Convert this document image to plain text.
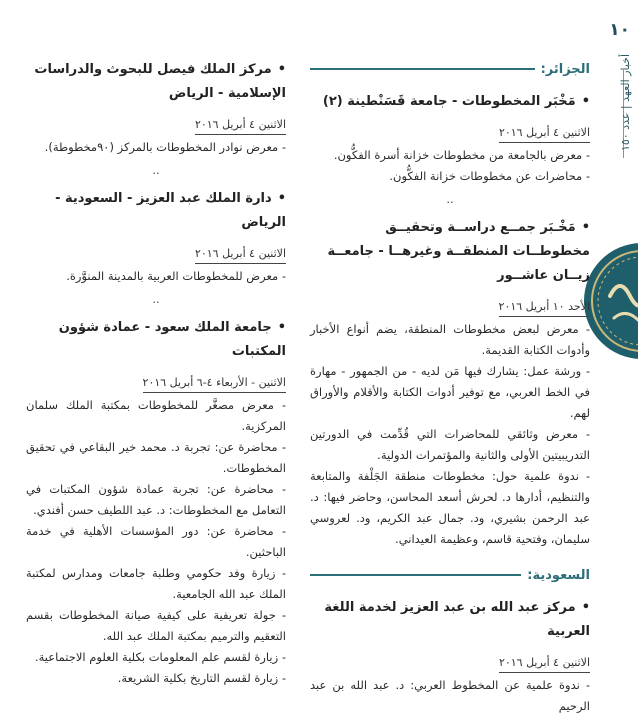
١٠
أخبار العهد | عدد ١٥٠
الجزائر:
•مَخْبَر المخطوطات - جامعة قَسَنْطينة (٢)
الاثنين ٤ أبريل ٢٠١٦

- معرض بالجامعة من مخطوطات خزانة أسرة الفكُّون.

- محاضرات عن مخطوطات خزانة الفكُّون.

..
•مَخْـبَر جمــع دراســة وتحقيــق مخطوطــات المنطقــة وغيرهــا - جامعــة زيــان عاشــور
الأحد ١٠ أبريل ٢٠١٦

- معرض لبعض مخطوطات المنطقة، يضم أنواع الأخبار وأدوات الكتابة القديمة.

- ورشة عمل: يشارك فيها مَن لديه - من الجمهور - مهارة في الخط العربي، مع توفير أدوات الكتابة والأقلام والأوراق لهم.

- معرض وثائقي للمحاضرات التي قُدِّمت في الدورتين التدريبيتين الأولى والثانية والمؤتمرات الدولية.

- ندوة علمية حول: مخطوطات منطقة الجَلْفة والمتابعة والتنظيم، أدارها د. لحرش أسعد المحاسن، وحاضر فيها: د. عبد الرحمن بشيري، ود. جمال عبد الكريم، ود. لعروسي سليمان، وفتحية قاسم، وعظيمة العيداني.

السعودية:
•مركز عبد الله بن عبد العزيز لخدمة اللغة العربية
الاثنين ٤ أبريل ٢٠١٦

- ندوة علمية عن المخطوط العربي: د. عبد الله بن عبد الرحيم

•مركز الملك فيصل للبحوث والدراسات الإسلامية - الرياض
الاثنين ٤ أبريل ٢٠١٦

- معرض نوادر المخطوطات بالمركز (٩٠مخطوطة).

..
•دارة الملك عبد العزيز - السعودية - الرياض
الاثنين ٤ أبريل ٢٠١٦

- معرض للمخطوطات العربية بالمدينة المنوَّرة.

..
•جامعة الملك سعود - عمادة شؤون المكتبات
الاثنين - الأربعاء ٤-٦ أبريل ٢٠١٦

- معرض مصغَّر للمخطوطات بمكتبة الملك سلمان المركزية.

- محاضرة عن: تجربة د. محمد خير البقاعي في تحقيق المخطوطات.

- محاضرة عن: تجربة عمادة شؤون المكتبات في التعامل مع المخطوطات: د. عبد اللطيف حسن أفندي.

- محاضرة عن: دور المؤسسات الأهلية في خدمة الباحثين.

- زيارة وفد حكومي وطلبة جامعات ومدارس لمكتبة الملك عبد الله الجامعية.

- جولة تعريفية على كيفية صيانة المخطوطات بقسم التعقيم والترميم بمكتبة الملك عبد الله.

- زيارة لقسم علم المعلومات بكلية العلوم الاجتماعية.

- زيارة لقسم التاريخ بكلية الشريعة.
